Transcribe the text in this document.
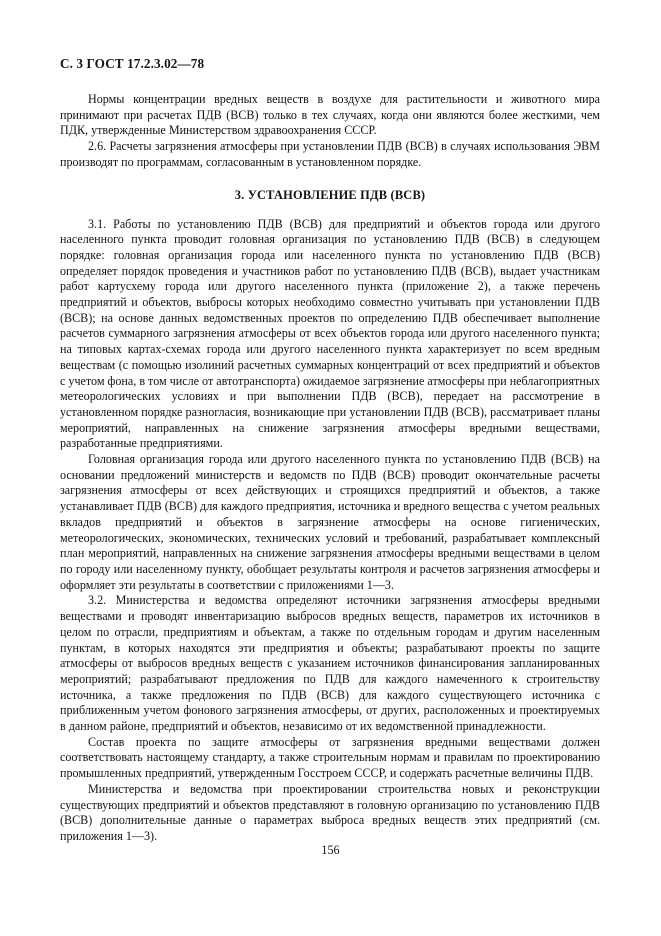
С. 3 ГОСТ 17.2.3.02—78

Нормы концентрации вредных веществ в воздухе для растительности и животного мира принимают при расчетах ПДВ (ВСВ) только в тех случаях, когда они являются более жесткими, чем ПДК, утвержденные Министерством здравоохранения СССР.

2.6. Расчеты загрязнения атмосферы при установлении ПДВ (ВСВ) в случаях использования ЭВМ производят по программам, согласованным в установленном порядке.

3. УСТАНОВЛЕНИЕ ПДВ (ВСВ)

3.1. Работы по установлению ПДВ (ВСВ) для предприятий и объектов города или другого населенного пункта проводит головная организация по установлению ПДВ (ВСВ) в следующем порядке: головная организация города или населенного пункта по установлению ПДВ (ВСВ) определяет порядок проведения и участников работ по установлению ПДВ (ВСВ), выдает участникам работ картусхему города или другого населенного пункта (приложение 2), а также перечень предприятий и объектов, выбросы которых необходимо совместно учитывать при установлении ПДВ (ВСВ); на основе данных ведомственных проектов по определению ПДВ обеспечивает выполнение расчетов суммарного загрязнения атмосферы от всех объектов города или другого населенного пункта; на типовых картах-схемах города или другого населенного пункта характеризует по всем вредным веществам (с помощью изолиний расчетных суммарных концентраций от всех предприятий и объектов с учетом фона, в том числе от автотранспорта) ожидаемое загрязнение атмосферы при неблагоприятных метеорологических условиях и при выполнении ПДВ (ВСВ), передает на рассмотрение в установленном порядке разногласия, возникающие при установлении ПДВ (ВСВ), рассматривает планы мероприятий, направленных на снижение загрязнения атмосферы вредными веществами, разработанные предприятиями.

Головная организация города или другого населенного пункта по установлению ПДВ (ВСВ) на основании предложений министерств и ведомств по ПДВ (ВСВ) проводит окончательные расчеты загрязнения атмосферы от всех действующих и строящихся предприятий и объектов, а также устанавливает ПДВ (ВСВ) для каждого предприятия, источника и вредного вещества с учетом реальных вкладов предприятий и объектов в загрязнение атмосферы на основе гигиенических, метеорологических, экономических, технических условий и требований, разрабатывает комплексный план мероприятий, направленных на снижение загрязнения атмосферы вредными веществами в целом по городу или населенному пункту, обобщает результаты контроля и расчетов загрязнения атмосферы и оформляет эти результаты в соответствии с приложениями 1—3.

3.2. Министерства и ведомства определяют источники загрязнения атмосферы вредными веществами и проводят инвентаризацию выбросов вредных веществ, параметров их источников в целом по отрасли, предприятиям и объектам, а также по отдельным городам и другим населенным пунктам, в которых находятся эти предприятия и объекты; разрабатывают проекты по защите атмосферы от выбросов вредных веществ с указанием источников финансирования запланированных мероприятий; разрабатывают предложения по ПДВ для каждого намеченного к строительству источника, а также предложения по ПДВ (ВСВ) для каждого существующего источника с приближенным учетом фонового загрязнения атмосферы, от других, расположенных и проектируемых в данном районе, предприятий и объектов, независимо от их ведомственной принадлежности.

Состав проекта по защите атмосферы от загрязнения вредными веществами должен соответствовать настоящему стандарту, а также строительным нормам и правилам по проектированию промышленных предприятий, утвержденным Госстроем СССР, и содержать расчетные величины ПДВ.

Министерства и ведомства при проектировании строительства новых и реконструкции существующих предприятий и объектов представляют в головную организацию по установлению ПДВ (ВСВ) дополнительные данные о параметрах выброса вредных веществ этих предприятий (см. приложения 1—3).

156
